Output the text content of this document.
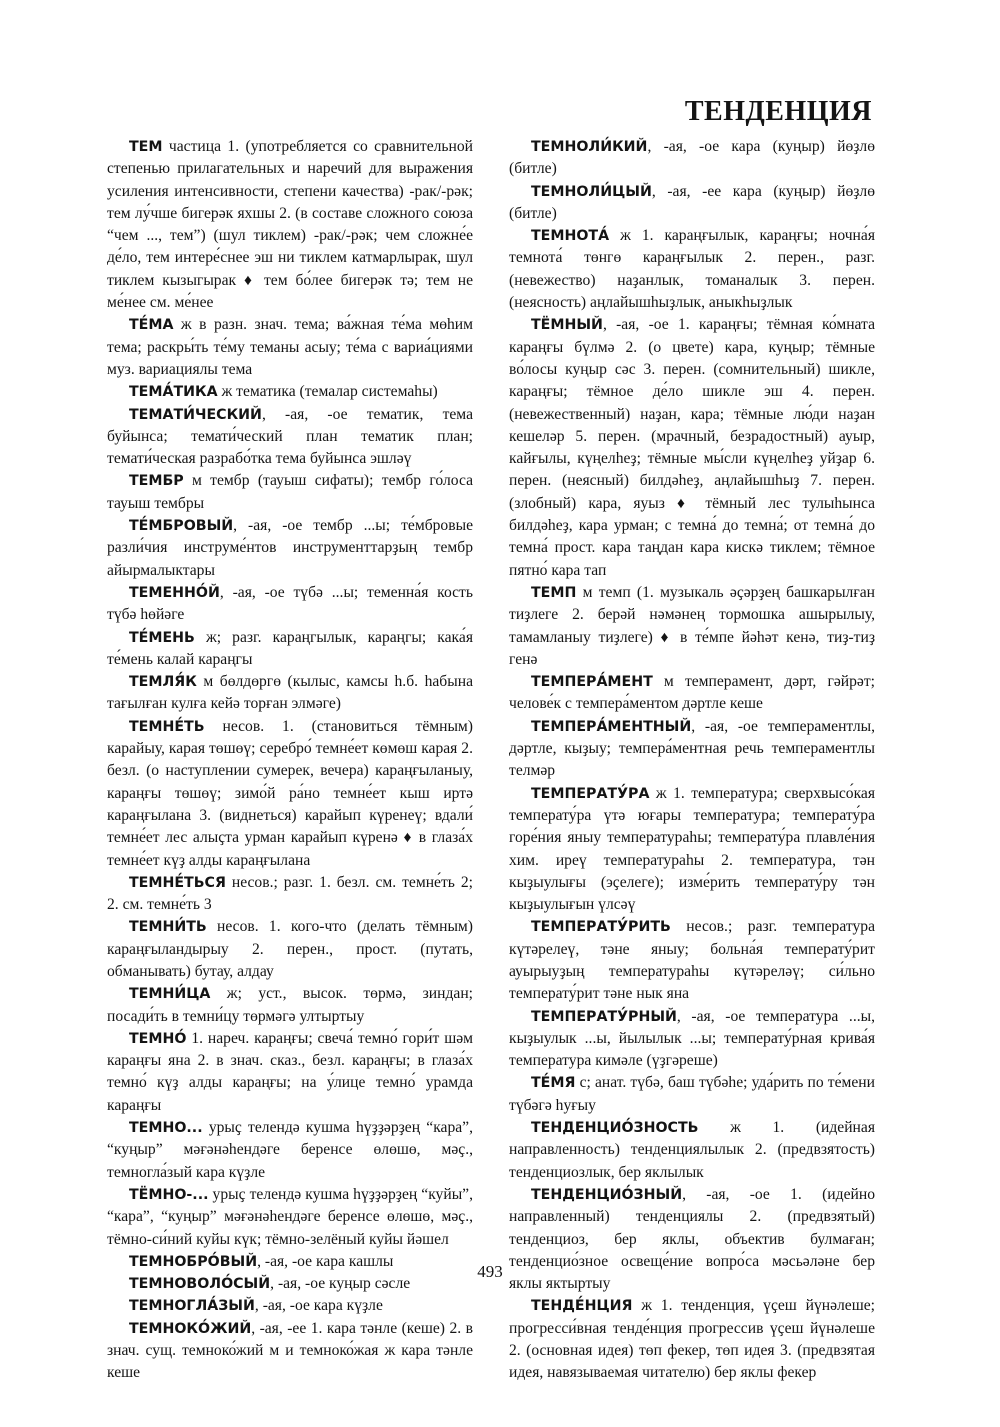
ТЕНДЕНЦИЯ

ТЕМ частица 1. (употребляется со сравнительной степенью прилагательных и наречий для выражения усиления интенсивности, степени качества) -рак/-рәк; тем лу́чше бигерәк яхшы 2. (в составе сложного союза “чем ..., тем”) (шул тиклем) -рак/-рәк; чем сложне́е де́ло, тем интере́снее эш ни тиклем катмарлырак, шул тиклем кызыгырак ♦ тем бо́лее бигерәк тә; тем не ме́нее см. ме́нее

ТЕ́МА ж в разн. знач. тема; ва́жная те́ма мөһим тема; раскры́ть те́му теманы асыу; те́ма с вариа́циями муз. вариациялы тема

ТЕМА́ТИКА ж тематика (темалар системаһы)

ТЕМАТИ́ЧЕСКИЙ, -ая, -ое тематик, тема буйынса; темати́ческий план тематик план; темати́ческая разрабо́тка тема буйынса эшләү

ТЕМБР м тембр (тауыш сифаты); тембр го́лоса тауыш тембры

ТЕ́МБРОВЫЙ, -ая, -ое тембр ...ы; те́мбровые разли́чия инструме́нтов инструменттарҙың тембр айырмалыктары

ТЕМЕННО́Й, -ая, -ое түбә ...ы; теменна́я кость түбә һөйәге

ТЕ́МЕНЬ ж; разг. караңгылык, караңгы; кака́я те́мень калай караңгы

ТЕМЛЯ́К м бөлдөргө (кылыс, камсы һ.б. һабына тағылған кулға кейә торған элмәге)

ТЕМНЕ́ТЬ несов. 1. (становиться тёмным) карайыу, карая төшөү; серебро́ темне́ет көмөш карая 2. безл. (о наступлении сумерек, вечера) караңғыланыу, караңғы төшөү; зимо́й ра́но темне́ет кыш иртә караңғылана 3. (виднеться) карайып күренеү; вдали́ темне́ет лес алыҫта урман карайып күренә ♦ в глаза́х темне́ет күҙ алды караңғылана

ТЕМНЕ́ТЬСЯ несов.; разг. 1. безл. см. темне́ть 2; 2. см. темне́ть 3

ТЕМНИ́ТЬ несов. 1. кого-что (делать тёмным) караңғыландырыу 2. перен., прост. (путать, обманывать) бутау, алдау

ТЕМНИ́ЦА ж; уст., высок. төрмә, зиндан; посади́ть в темни́цу төрмәгә ултыртыу

ТЕМНО́ 1. нареч. караңғы; свеча́ темно́ гори́т шәм караңғы яна 2. в знач. сказ., безл. караңғы; в глаза́х темно́ күҙ алды караңғы; на у́лице темно́ урамда караңғы

ТЕМНО... урыҫ телендә кушма һүҙҙәрҙең “кара”, “куңыр” мәғәнәһендәге беренсе өлөшө, мәҫ., темногла́зый кара күҙле

ТЁМНО-... урыҫ телендә кушма һүҙҙәрҙең “куйы”, “кара”, “куңыр” мәғәнәһендәге беренсе өлөшө, мәҫ., тёмно-си́ний куйы күк; тёмно-зелёный куйы йәшел

ТЕМНОБРО́ВЫЙ, -ая, -ое кара кашлы

ТЕМНОВОЛО́СЫЙ, -ая, -ое куңыр сәсле

ТЕМНОГЛА́ЗЫЙ, -ая, -ое кара күҙле

ТЕМНОКО́ЖИЙ, -ая, -ее 1. кара тәнле (кеше) 2. в знач. сущ. темноко́жий м и темноко́жая ж кара тәнле кеше

ТЕМНОЛИ́КИЙ, -ая, -ое кара (куңыр) йөҙлө (битле)

ТЕМНОЛИ́ЦЫЙ, -ая, -ее кара (куңыр) йөҙлө (битле)

ТЕМНОТА́ ж 1. караңғылык, караңғы; ночна́я темнота́ төнгө караңғылык 2. перен., разг. (невежество) наҙанлык, томаналык 3. перен. (неясность) аңлайышһыҙлык, аныкһыҙлык

ТЁМНЫЙ, -ая, -ое 1. караңғы; тёмная ко́мната караңғы бүлмә 2. (о цвете) кара, куңыр; тёмные во́лосы куңыр сәс 3. перен. (сомнительный) шикле, караңғы; тёмное де́ло шикле эш 4. перен. (невежественный) наҙан, кара; тёмные лю́ди наҙан кешеләр 5. перен. (мрачный, безрадостный) ауыр, кайғылы, күңелһеҙ; тёмные мы́сли күңелһеҙ уйҙар 6. перен. (неясный) билдәһеҙ, аңлайышһыҙ 7. перен. (злобный) кара, яуыз ♦ тёмный лес тулыһынса билдәһеҙ, кара урман; с темна́ до темна́; от темна́ до темна́ прост. кара таңдан кара кискә тиклем; тёмное пятно́ кара тап

ТЕМП м темп (1. музыкаль әҫәрҙең башкарылған тиҙлеге 2. берәй нәмәнең тормошка ашырылыу, тамамланыу тиҙлеге) ♦ в те́мпе йәһәт кенә, тиҙ-тиҙ генә

ТЕМПЕРА́МЕНТ м темперамент, дәрт, гәйрәт; челове́к с темпера́ментом дәртле кеше

ТЕМПЕРА́МЕНТНЫЙ, -ая, -ое темпераментлы, дәртле, кыҙыу; темпера́ментная речь темпераментлы телмәр

ТЕМПЕРАТУ́РА ж 1. температура; сверхвысо́кая температу́ра үтә юғары температура; температу́ра горе́ния яныу температураһы; температу́ра плавле́ния хим. иреү температураһы 2. температура, тән кыҙыулығы (эҫелеге); изме́рить температу́ру тән кыҙыулығын үлсәү

ТЕМПЕРАТУ́РИТЬ несов.; разг. температура күтәрелеү, тәне яныу; больна́я температу́рит ауырыуҙың температураһы күтәреләү; си́льно температу́рит тәне нык яна

ТЕМПЕРАТУ́РНЫЙ, -ая, -ое температура ...ы, кыҙыулык ...ы, йылылык ...ы; температу́рная крива́я температура кимәле (үҙгәреше)

ТЕ́МЯ с; анат. түбә, баш түбәһе; уда́рить по те́мени түбәгә һуғыу

ТЕНДЕНЦИО́ЗНОСТЬ ж 1. (идейная направленность) тенденциялылык 2. (предвзятость) тенденциозлык, бер яклылык

ТЕНДЕНЦИО́ЗНЫЙ, -ая, -ое 1. (идейно направленный) тенденциялы 2. (предвзятый) тенденциоз, бер яклы, объектив булмаған; тенденцио́зное освеще́ние вопро́са мәсьәләне бер яклы яктыртыу

ТЕНДЕ́НЦИЯ ж 1. тенденция, үҫеш йүнәлеше; прогресси́вная тенде́нция прогрессив үҫеш йүнәлеше 2. (основная идея) төп фекер, төп идея 3. (предвзятая идея, навязываемая читателю) бер яклы фекер

493
